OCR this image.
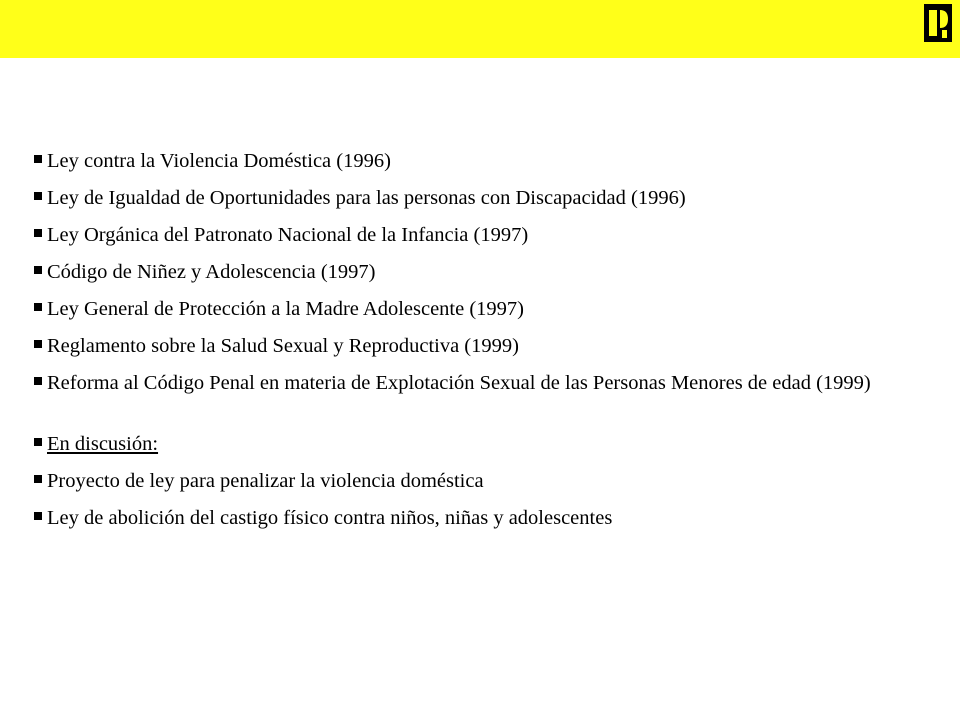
Ley contra la Violencia Doméstica (1996)
Ley de Igualdad de Oportunidades para las personas con Discapacidad (1996)
Ley Orgánica del Patronato Nacional de la Infancia (1997)
Código de Niñez y Adolescencia (1997)
Ley General de Protección a la Madre Adolescente (1997)
Reglamento sobre la Salud Sexual y Reproductiva (1999)
Reforma al Código Penal en materia de Explotación Sexual de las Personas Menores de edad (1999)
En discusión:
Proyecto de ley para penalizar la violencia doméstica
Ley de abolición del castigo físico contra niños, niñas y adolescentes
